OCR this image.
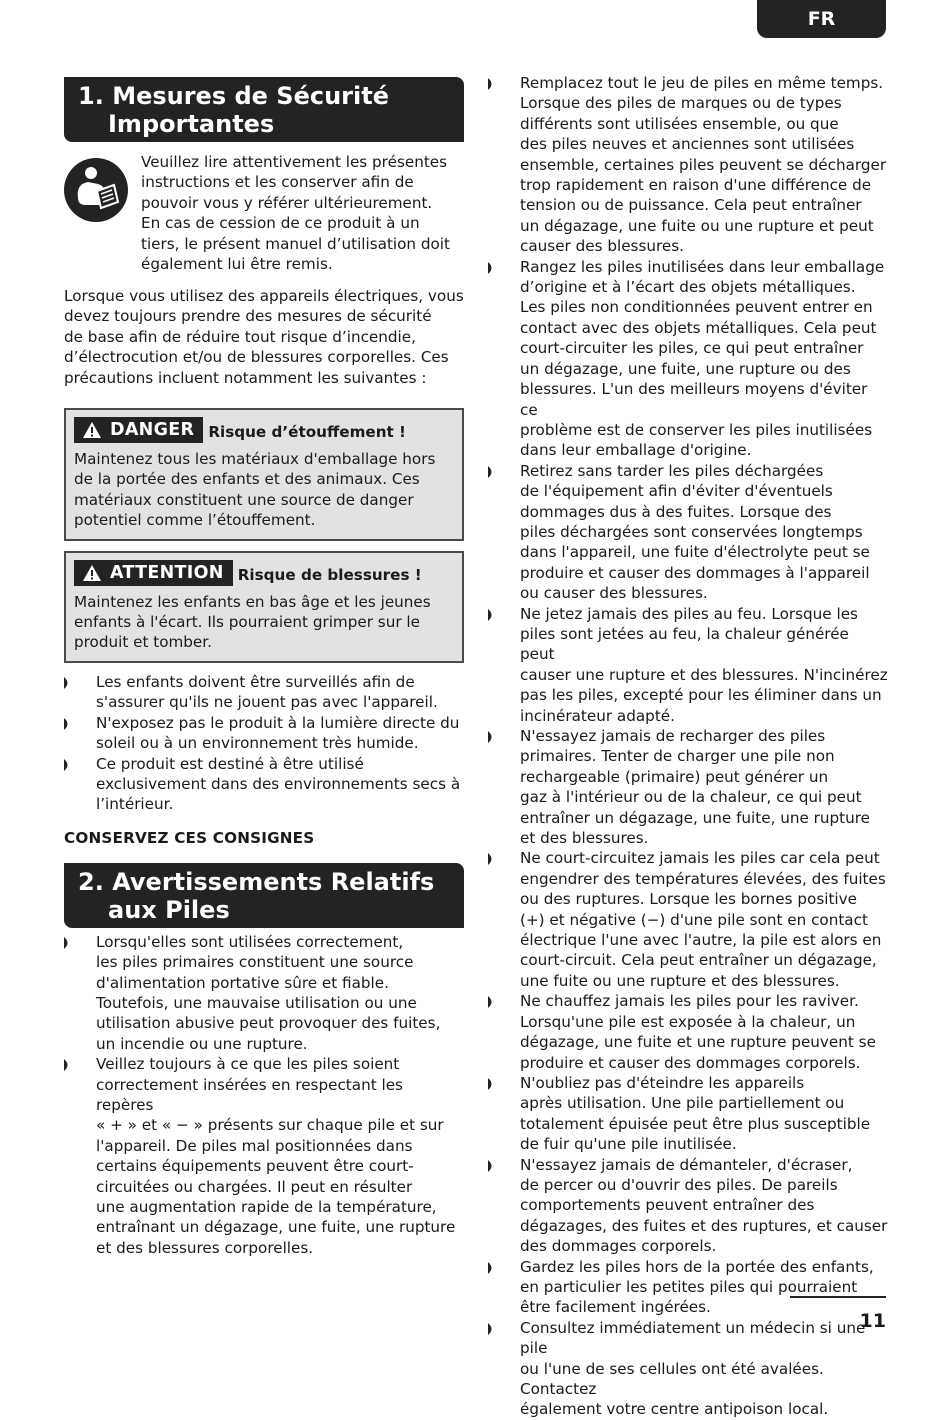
FR
1. Mesures de Sécurité
Importantes
Veuillez lire attentivement les présentes
instructions et les conserver afin de
pouvoir vous y référer ultérieurement.
En cas de cession de ce produit à un
tiers, le présent manuel d’utilisation doit
également lui être remis.
Lorsque vous utilisez des appareils électriques, vous
devez toujours prendre des mesures de sécurité
de base afin de réduire tout risque d’incendie,
d’électrocution et/ou de blessures corporelles. Ces
précautions incluent notamment les suivantes :
DANGER Risque d’étouffement !
Maintenez tous les matériaux d'emballage hors
de la portée des enfants et des animaux. Ces
matériaux constituent une source de danger
potentiel comme l’étouffement.
ATTENTION Risque de blessures !
Maintenez les enfants en bas âge et les jeunes
enfants à l'écart. Ils pourraient grimper sur le
produit et tomber.
Les enfants doivent être surveillés afin de
s'assurer qu'ils ne jouent pas avec l'appareil.
N'exposez pas le produit à la lumière directe du
soleil ou à un environnement très humide.
Ce produit est destiné à être utilisé
exclusivement dans des environnements secs à
l’intérieur.
CONSERVEZ CES CONSIGNES
2. Avertissements Relatifs
aux Piles
Lorsqu'elles sont utilisées correctement,
les piles primaires constituent une source
d'alimentation portative sûre et fiable.
Toutefois, une mauvaise utilisation ou une
utilisation abusive peut provoquer des fuites,
un incendie ou une rupture.
Veillez toujours à ce que les piles soient
correctement insérées en respectant les repères
« + » et « − » présents sur chaque pile et sur
l'appareil. De piles mal positionnées dans
certains équipements peuvent être court-
circuitées ou chargées. Il peut en résulter
une augmentation rapide de la température,
entraînant un dégazage, une fuite, une rupture
et des blessures corporelles.
Remplacez tout le jeu de piles en même temps.
Lorsque des piles de marques ou de types
différents sont utilisées ensemble, ou que
des piles neuves et anciennes sont utilisées
ensemble, certaines piles peuvent se décharger
trop rapidement en raison d'une différence de
tension ou de puissance. Cela peut entraîner
un dégazage, une fuite ou une rupture et peut
causer des blessures.
Rangez les piles inutilisées dans leur emballage
d’origine et à l’écart des objets métalliques.
Les piles non conditionnées peuvent entrer en
contact avec des objets métalliques. Cela peut
court-circuiter les piles, ce qui peut entraîner
un dégazage, une fuite, une rupture ou des
blessures. L'un des meilleurs moyens d'éviter ce
problème est de conserver les piles inutilisées
dans leur emballage d'origine.
Retirez sans tarder les piles déchargées
de l'équipement afin d'éviter d'éventuels
dommages dus à des fuites. Lorsque des
piles déchargées sont conservées longtemps
dans l'appareil, une fuite d'électrolyte peut se
produire et causer des dommages à l'appareil
ou causer des blessures.
Ne jetez jamais des piles au feu. Lorsque les
piles sont jetées au feu, la chaleur générée peut
causer une rupture et des blessures. N'incinérez
pas les piles, excepté pour les éliminer dans un
incinérateur adapté.
N'essayez jamais de recharger des piles
primaires. Tenter de charger une pile non
rechargeable (primaire) peut générer un
gaz à l'intérieur ou de la chaleur, ce qui peut
entraîner un dégazage, une fuite, une rupture
et des blessures.
Ne court-circuitez jamais les piles car cela peut
engendrer des températures élevées, des fuites
ou des ruptures. Lorsque les bornes positive
(+) et négative (−) d'une pile sont en contact
électrique l'une avec l'autre, la pile est alors en
court-circuit. Cela peut entraîner un dégazage,
une fuite ou une rupture et des blessures.
Ne chauffez jamais les piles pour les raviver.
Lorsqu'une pile est exposée à la chaleur, un
dégazage, une fuite et une rupture peuvent se
produire et causer des dommages corporels.
N'oubliez pas d'éteindre les appareils
après utilisation. Une pile partiellement ou
totalement épuisée peut être plus susceptible
de fuir qu'une pile inutilisée.
N'essayez jamais de démanteler, d'écraser,
de percer ou d'ouvrir des piles. De pareils
comportements peuvent entraîner des
dégazages, des fuites et des ruptures, et causer
des dommages corporels.
Gardez les piles hors de la portée des enfants,
en particulier les petites piles qui pourraient
être facilement ingérées.
Consultez immédiatement un médecin si une pile
ou l'une de ses cellules ont été avalées. Contactez
également votre centre antipoison local.
11
